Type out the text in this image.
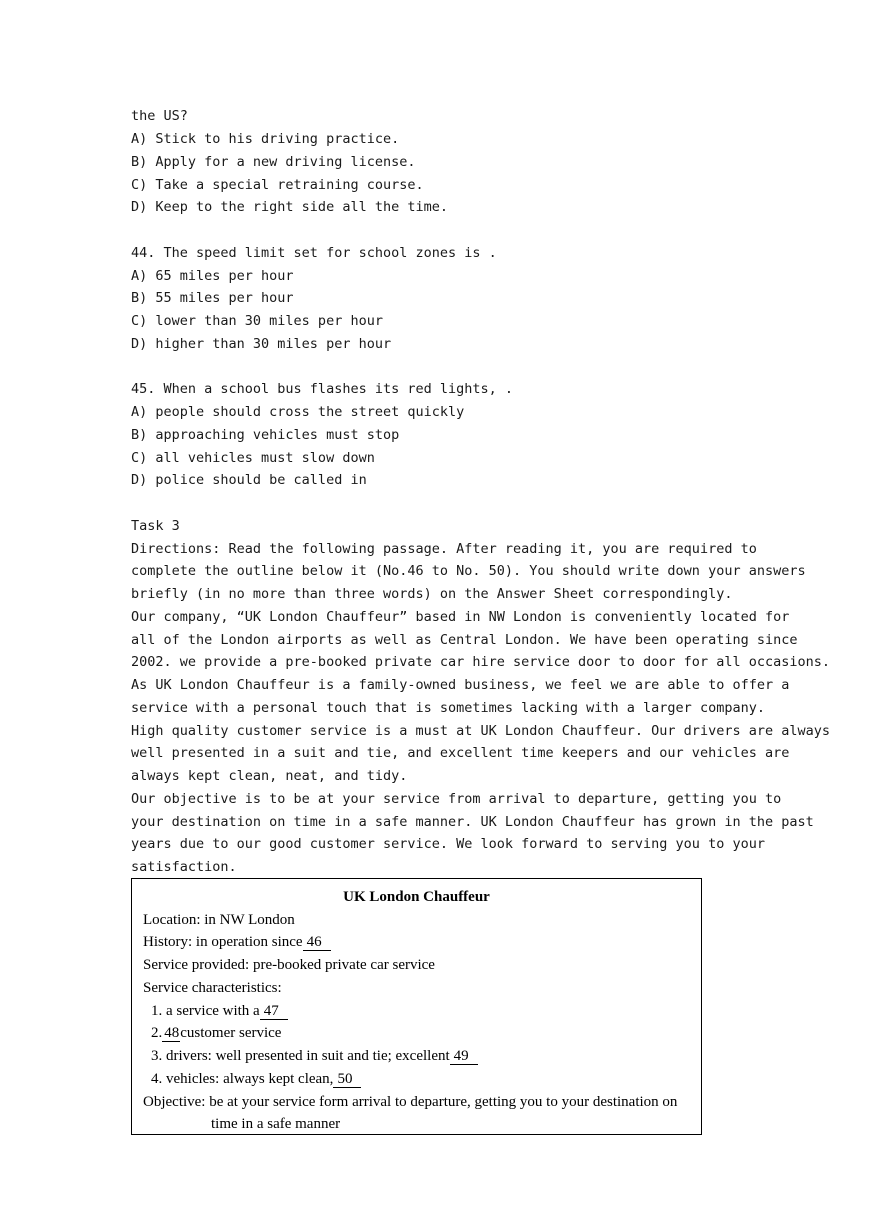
the US?
A) Stick to his driving practice.
B) Apply for a new driving license.
C) Take a special retraining course.
D) Keep to the right side all the time.
44. The speed limit set for school zones is .
A) 65 miles per hour
B) 55 miles per hour
C) lower than 30 miles per hour
D) higher than 30 miles per hour
45. When a school bus flashes its red lights, .
A) people should cross the street quickly
B) approaching vehicles must stop
C) all vehicles must slow down
D) police should be called in
Task 3
Directions: Read the following passage. After reading it, you are required to
complete the outline below it (No.46 to No. 50). You should write down your answers
briefly (in no more than three words) on the Answer Sheet correspondingly.
Our company, “UK London Chauffeur” based in NW London is conveniently located for
all of the London airports as well as Central London. We have been operating since
2002. we provide a pre-booked private car hire service door to door for all occasions.
As UK London Chauffeur is a family-owned business, we feel we are able to offer a
service with a personal touch that is sometimes lacking with a larger company.
High quality customer service is a must at UK London Chauffeur. Our drivers are always
well presented in a suit and tie, and excellent time keepers and our vehicles are
always kept clean, neat, and tidy.
Our objective is to be at your service from arrival to departure, getting you to
your destination on time in a safe manner. UK London Chauffeur has grown in the past
years due to our good customer service. We look forward to serving you to your
satisfaction.
UK London Chauffeur
Location: in NW London
History: in operation since 46
Service provided: pre-booked private car service
Service characteristics:
1. a service with a 47
2. 48customer service
3. drivers: well presented in suit and tie; excellent 49
4. vehicles: always kept clean, 50
Objective: be at your service form arrival to departure, getting you to your destination on
time in a safe manner
